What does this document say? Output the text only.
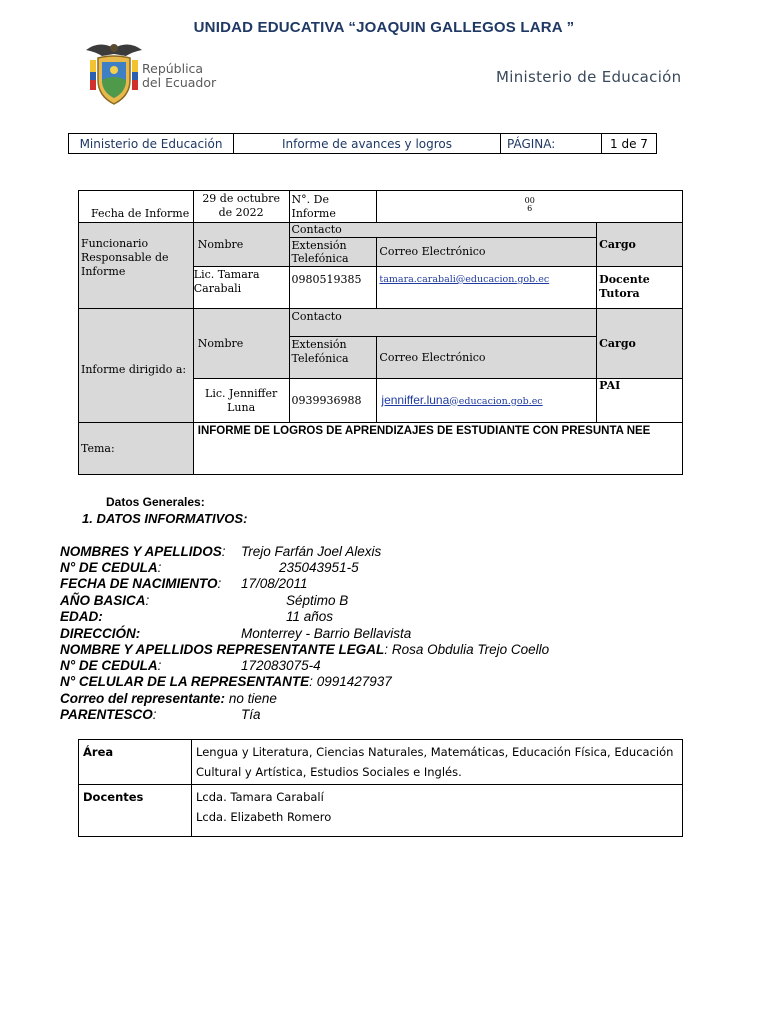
UNIDAD EDUCATIVA “JOAQUIN GALLEGOS LARA ”
República
del Ecuador	Ministerio de Educación
Ministerio de Educación	Informe de avances y logros	PÁGINA:	1 de 7
Fecha de Informe	29 de octubre de 2022	N°. De Informe	00
6	

Funcionario Responsable de Informe	Nombre	Contacto		Cargo
		Extensión Telefónica	Correo Electrónico	
	Lic. Tamara Carabali	0980519385	tamara.carabali@educacion.gob.ec	Docente Tutora
Informe dirigido a:	Nombre	Contacto		Cargo
		Extensión Telefónica	Correo Electrónico	
	Lic. Jenniffer Luna	0939936988	jenniffer.luna@educacion.gob.ec	PAI
Tema:	INFORME DE LOGROS DE APRENDIZAJES DE ESTUDIANTE CON PRESUNTA NEE			
Datos Generales:
1. DATOS INFORMATIVOS:
NOMBRES Y APELLIDOS: Trejo Farfán Joel Alexis
N° DE CEDULA:	235043951-5
FECHA DE NACIMIENTO: 17/08/2011
AÑO BASICA:	Séptimo B
EDAD:	11 años
DIRECCIÓN:	Monterrey - Barrio Bellavista
NOMBRE Y APELLIDOS REPRESENTANTE LEGAL: Rosa Obdulia Trejo Coello
N° DE CEDULA:	172083075-4
N° CELULAR DE LA REPRESENTANTE: 0991427937
Correo del representante: no tiene
PARENTESCO:	Tía
Área	Lengua y Literatura, Ciencias Naturales, Matemáticas, Educación Física, Educación Cultural y Artística, Estudios Sociales e Inglés.
Docentes	Lcda. Tamara Carabalí
Lcda. Elizabeth Romero
